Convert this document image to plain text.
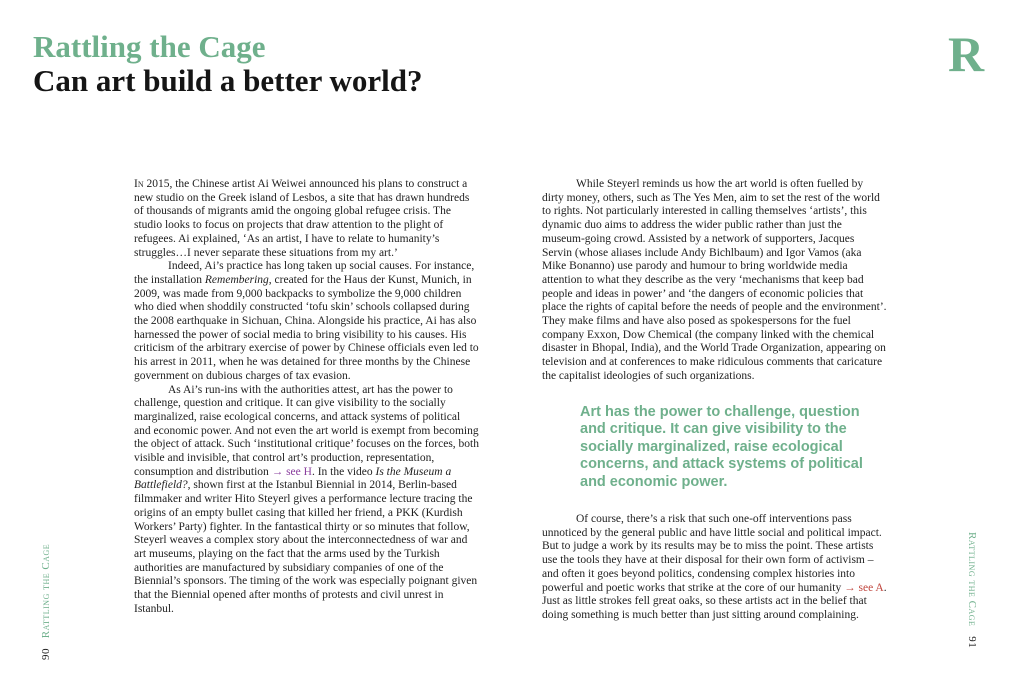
Rattling the Cage
Can art build a better world?	R

In 2015, the Chinese artist Ai Weiwei announced his plans to construct a new studio on the Greek island of Lesbos, a site that has drawn hundreds of thousands of migrants amid the ongoing global refugee crisis. The studio looks to focus on projects that draw attention to the plight of refugees. Ai explained, ‘As an artist, I have to relate to humanity’s struggles…I never separate these situations from my art.’

Indeed, Ai’s practice has long taken up social causes. For instance, the installation Remembering, created for the Haus der Kunst, Munich, in 2009, was made from 9,000 backpacks to symbolize the 9,000 children who died when shoddily constructed ‘tofu skin’ schools collapsed during the 2008 earthquake in Sichuan, China. Alongside his practice, Ai has also harnessed the power of social media to bring visibility to his causes. His criticism of the arbitrary exercise of power by Chinese officials even led to his arrest in 2011, when he was detained for three months by the Chinese government on dubious charges of tax evasion.

As Ai’s run-ins with the authorities attest, art has the power to challenge, question and critique. It can give visibility to the socially marginalized, raise ecological concerns, and attack systems of political and economic power. And not even the art world is exempt from becoming the object of attack. Such ‘institutional critique’ focuses on the forces, both visible and invisible, that control art’s production, representation, consumption and distribution → see H. In the video Is the Museum a Battlefield?, shown first at the Istanbul Biennial in 2014, Berlin-based filmmaker and writer Hito Steyerl gives a performance lecture tracing the origins of an empty bullet casing that killed her friend, a PKK (Kurdish Workers’ Party) fighter. In the fantastical thirty or so minutes that follow, Steyerl weaves a complex story about the interconnectedness of war and art museums, playing on the fact that the arms used by the Turkish authorities are manufactured by subsidiary companies of one of the Biennial’s sponsors. The timing of the work was especially poignant given that the Biennial opened after months of protests and civil unrest in Istanbul.

While Steyerl reminds us how the art world is often fuelled by dirty money, others, such as The Yes Men, aim to set the rest of the world to rights. Not particularly interested in calling themselves ‘artists’, this dynamic duo aims to address the wider public rather than just the museum-going crowd. Assisted by a network of supporters, Jacques Servin (whose aliases include Andy Bichlbaum) and Igor Vamos (aka Mike Bonanno) use parody and humour to bring worldwide media attention to what they describe as the very ‘mechanisms that keep bad people and ideas in power’ and ‘the dangers of economic policies that place the rights of capital before the needs of people and the environment’. They make films and have also posed as spokespersons for the fuel company Exxon, Dow Chemical (the company linked with the chemical disaster in Bhopal, India), and the World Trade Organization, appearing on television and at conferences to make ridiculous comments that caricature the capitalist ideologies of such organizations.

Art has the power to challenge, question and critique. It can give visibility to the socially marginalized, raise ecological concerns, and attack systems of political and economic power.

Of course, there’s a risk that such one-off interventions pass unnoticed by the general public and have little social and political impact. But to judge a work by its results may be to miss the point. These artists use the tools they have at their disposal for their own form of activism – and often it goes beyond politics, condensing complex histories into powerful and poetic works that strike at the core of our humanity → see A. Just as little strokes fell great oaks, so these artists act in the belief that doing something is much better than just sitting around complaining.

90   Rattling the Cage	Rattling the Cage   91
